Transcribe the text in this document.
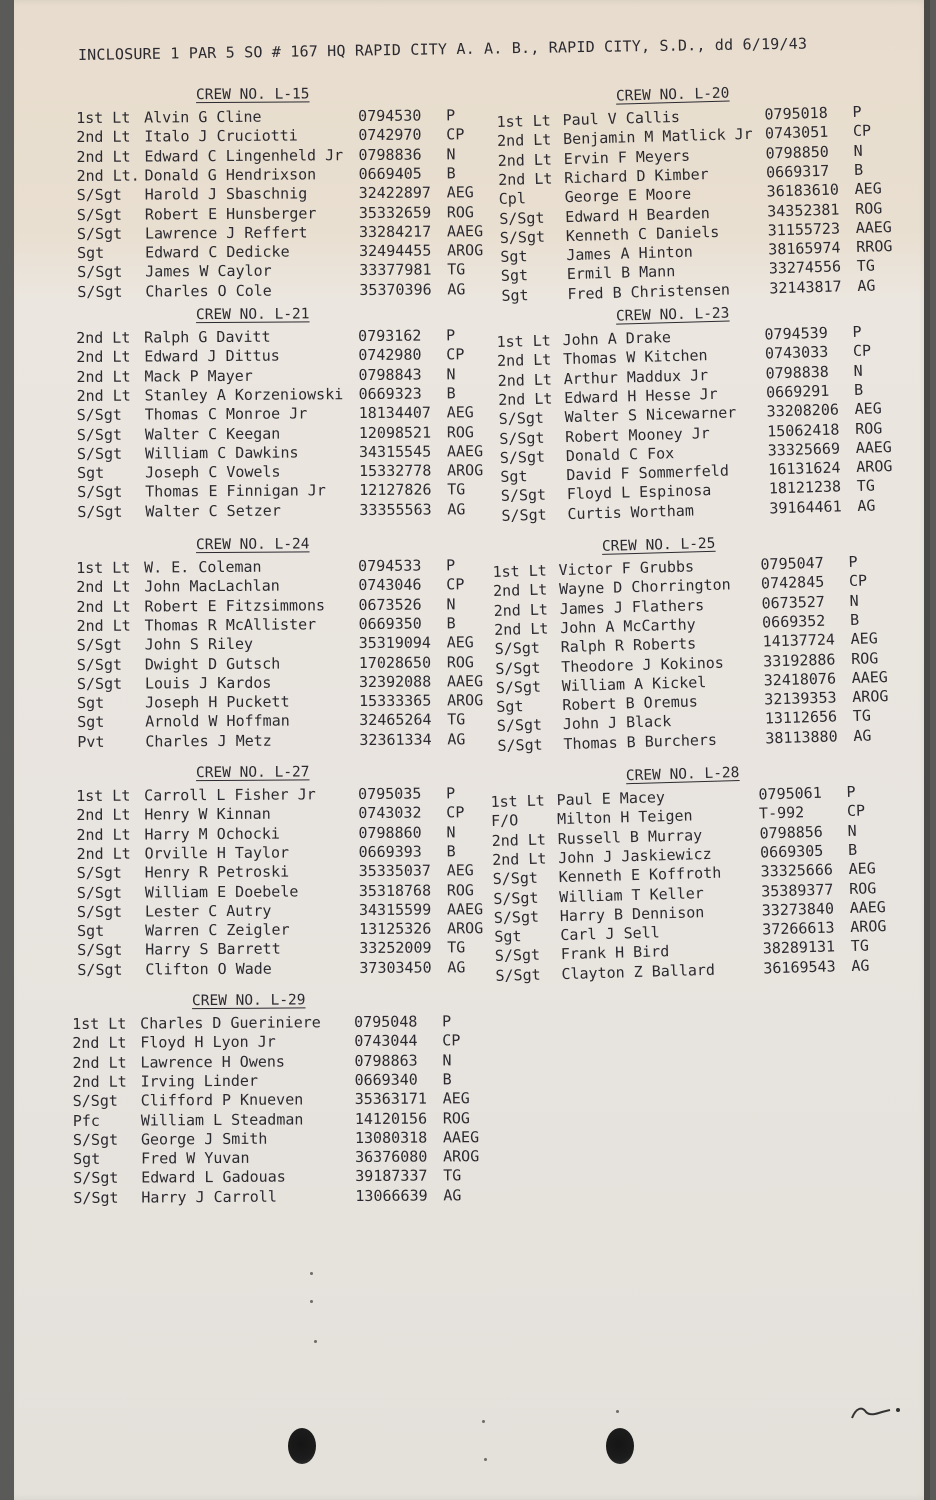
INCLOSURE 1 PAR 5 SO # 167 HQ RAPID CITY A. A. B., RAPID CITY, S.D., dd 6/19/43
CREW NO. L-15
1st Lt Alvin G Cline	0794530 P
2nd Lt Italo J Cruciotti	0742970 CP
2nd Lt Edward C Lingenheld Jr 0798836 N
2nd Lt. Donald G Hendrixson	0669405 B
S/Sgt Harold J Sbaschnig	32422897 AEG
S/Sgt Robert E Hunsberger	35332659 ROG
S/Sgt Lawrence J Reffert	33284217 AAEG
Sgt	Edward C Dedicke	32494455 AROG
S/Sgt James W Caylor	33377981 TG
S/Sgt Charles O Cole	35370396 AG
CREW NO. L-20
1st Lt Paul V Callis	0795018 P
2nd Lt Benjamin M Matlick Jr 0743051 CP
2nd Lt Ervin F Meyers	0798850 N
2nd Lt Richard D Kimber	0669317 B
Cpl	George E Moore	36183610 AEG
S/Sgt Edward H Bearden	34352381 ROG
S/Sgt Kenneth C Daniels	31155723 AAEG
Sgt	James A Hinton	38165974 RROG
Sgt	Ermil B Mann	33274556 TG
Sgt	Fred B Christensen	32143817 AG
CREW NO. L-21
2nd Lt Ralph G Davitt	0793162 P
2nd Lt Edward J Dittus	0742980 CP
2nd Lt Mack P Mayer	0798843 N
2nd Lt Stanley A Korzeniowski 0669323 B
S/Sgt Thomas C Monroe Jr	18134407 AEG
S/Sgt Walter C Keegan	12098521 ROG
S/Sgt William C Dawkins	34315545 AAEG
Sgt	Joseph C Vowels	15332778 AROG
S/Sgt Thomas E Finnigan Jr 12127826 TG
S/Sgt Walter C Setzer	33355563 AG
CREW NO. L-23
1st Lt John A Drake	0794539 P
2nd Lt Thomas W Kitchen	0743033 CP
2nd Lt Arthur Maddux Jr	0798838 N
2nd Lt Edward H Hesse Jr	0669291 B
S/Sgt Walter S Nicewarner 33208206 AEG
S/Sgt Robert Mooney Jr	15062418 ROG
S/Sgt Donald C Fox	33325669 AAEG
Sgt	David F Sommerfeld	16131624 AROG
S/Sgt Floyd L Espinosa	18121238 TG
S/Sgt Curtis Wortham	39164461 AG
CREW NO. L-24
1st Lt W. E. Coleman	0794533 P
2nd Lt John MacLachlan	0743046 CP
2nd Lt Robert E Fitzsimmons 0673526 N
2nd Lt Thomas R McAllister	0669350 B
S/Sgt John S Riley	35319094 AEG
S/Sgt Dwight D Gutsch	17028650 ROG
S/Sgt Louis J Kardos	32392088 AAEG
Sgt	Joseph H Puckett	15333365 AROG
Sgt	Arnold W Hoffman	32465264 TG
Pvt	Charles J Metz	32361334 AG
CREW NO. L-25
1st Lt Victor F Grubbs	0795047 P
2nd Lt Wayne D Chorrington 0742845 CP
2nd Lt James J Flathers	0673527 N
2nd Lt John A McCarthy	0669352 B
S/Sgt Ralph R Roberts	14137724 AEG
S/Sgt Theodore J Kokinos	33192886 ROG
S/Sgt William A Kickel	32418076 AAEG
Sgt	Robert B Oremus	32139353 AROG
S/Sgt John J Black	13112656 TG
S/Sgt Thomas B Burchers	38113880 AG
CREW NO. L-27
1st Lt Carroll L Fisher Jr	0795035 P
2nd Lt Henry W Kinnan	0743032 CP
2nd Lt Harry M Ochocki	0798860 N
2nd Lt Orville H Taylor	0669393 B
S/Sgt Henry R Petroski	35335037 AEG
S/Sgt William E Doebele	35318768 ROG
S/Sgt Lester C Autry	34315599 AAEG
Sgt	Warren C Zeigler	13125326 AROG
S/Sgt Harry S Barrett	33252009 TG
S/Sgt Clifton O Wade	37303450 AG
CREW NO. L-28
1st Lt Paul E Macey	0795061 P
F/O	Milton H Teigen	T-992	CP
2nd Lt Russell B Murray	0798856 N
2nd Lt John J Jaskiewicz	0669305 B
S/Sgt Kenneth E Koffroth	33325666 AEG
S/Sgt William T Keller	35389377 ROG
S/Sgt Harry B Dennison	33273840 AAEG
Sgt	Carl J Sell	37266613 AROG
S/Sgt Frank H Bird	38289131 TG
S/Sgt Clayton Z Ballard	36169543 AG
CREW NO. L-29
1st Lt Charles D Gueriniere 0795048 P
2nd Lt Floyd H Lyon Jr	0743044 CP
2nd Lt Lawrence H Owens	0798863 N
2nd Lt Irving Linder	0669340 B
S/Sgt Clifford P Knueven	35363171 AEG
Pfc	William L Steadman	14120156 ROG
S/Sgt George J Smith	13080318 AAEG
Sgt	Fred W Yuvan	36376080 AROG
S/Sgt Edward L Gadouas	39187337 TG
S/Sgt Harry J Carroll	13066639 AG
